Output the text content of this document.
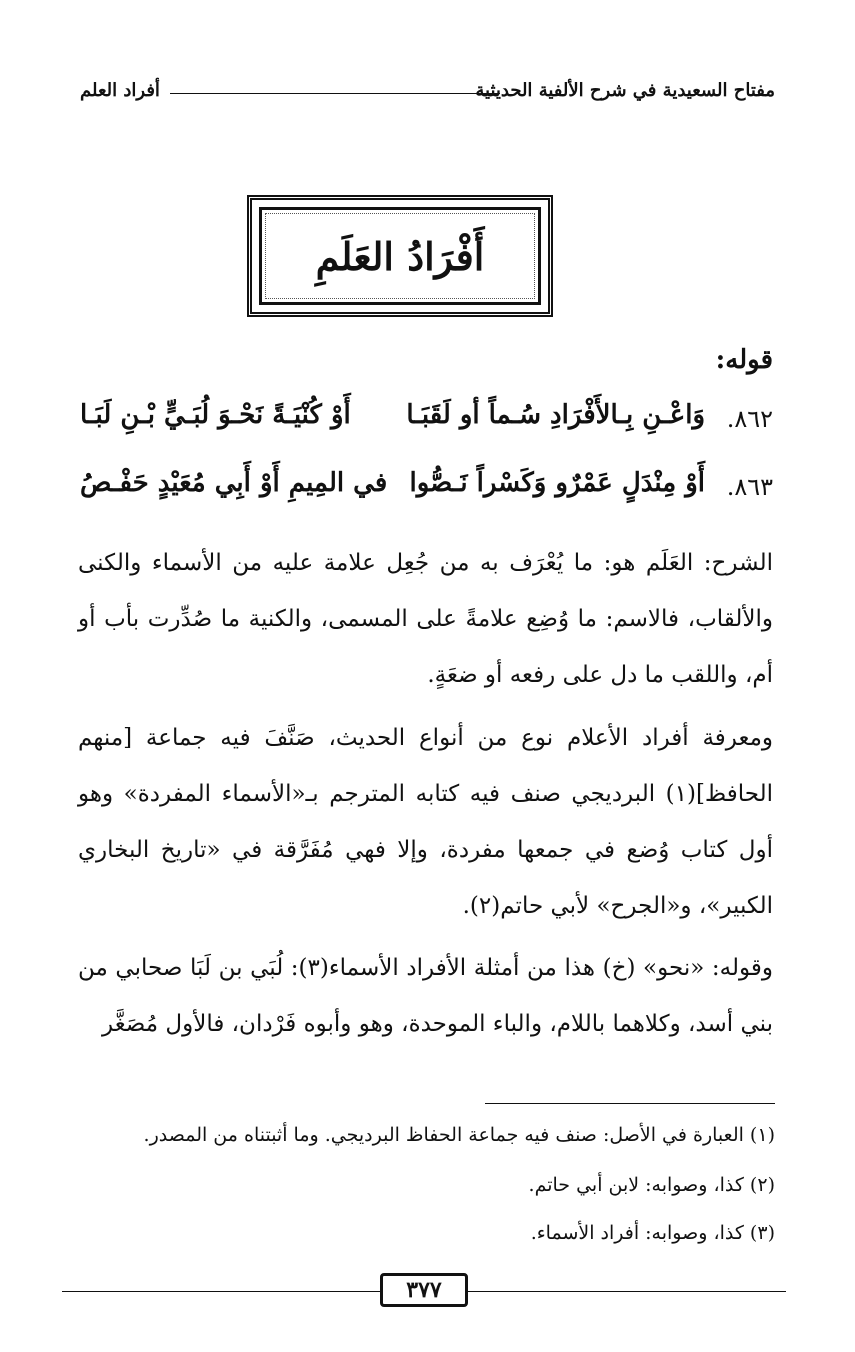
مفتاح السعيدية في شرح الألفية الحديثية
أفراد العلم
أَفْرَادُ العَلَمِ
قوله:
٨٦٢.
وَاعْـنِ بِـالأَفْرَادِ سُـماً أو لَقَبَـا
أَوْ كُنْيَـةً نَحْـوَ لُبَـيٍّ بْـنِ لَبَـا
٨٦٣.
أَوْ مِنْدَلٍ عَمْرٌو وَكَسْراً نَـصُّوا
في المِيمِ أَوْ أَبِي مُعَيْدٍ حَفْـصُ

الشرح: العَلَم هو: ما يُعْرَف به من جُعِل علامة عليه من الأسماء والكنى والألقاب، فالاسم: ما وُضِع علامةً على المسمى، والكنية ما صُدِّرت بأب أو أم، واللقب ما دل على رفعه أو ضعَةٍ.

ومعرفة أفراد الأعلام نوع من أنواع الحديث، صَنَّفَ فيه جماعة [منهم الحافظ](١) البرديجي صنف فيه كتابه المترجم بـ«الأسماء المفردة» وهو أول كتاب وُضع في جمعها مفردة، وإلا فهي مُفَرَّقة في «تاريخ البخاري الكبير»، و«الجرح» لأبي حاتم(٢).

وقوله: «نحو» (خ) هذا من أمثلة الأفراد الأسماء(٣): لُبَي بن لَبَا صحابي من بني أسد، وكلاهما باللام، والباء الموحدة، وهو وأبوه فَرْدان، فالأول مُصَغَّر

(١) العبارة في الأصل: صنف فيه جماعة الحفاظ البرديجي. وما أثبتناه من المصدر.
(٢) كذا، وصوابه: لابن أبي حاتم.
(٣) كذا، وصوابه: أفراد الأسماء.
٣٧٧
